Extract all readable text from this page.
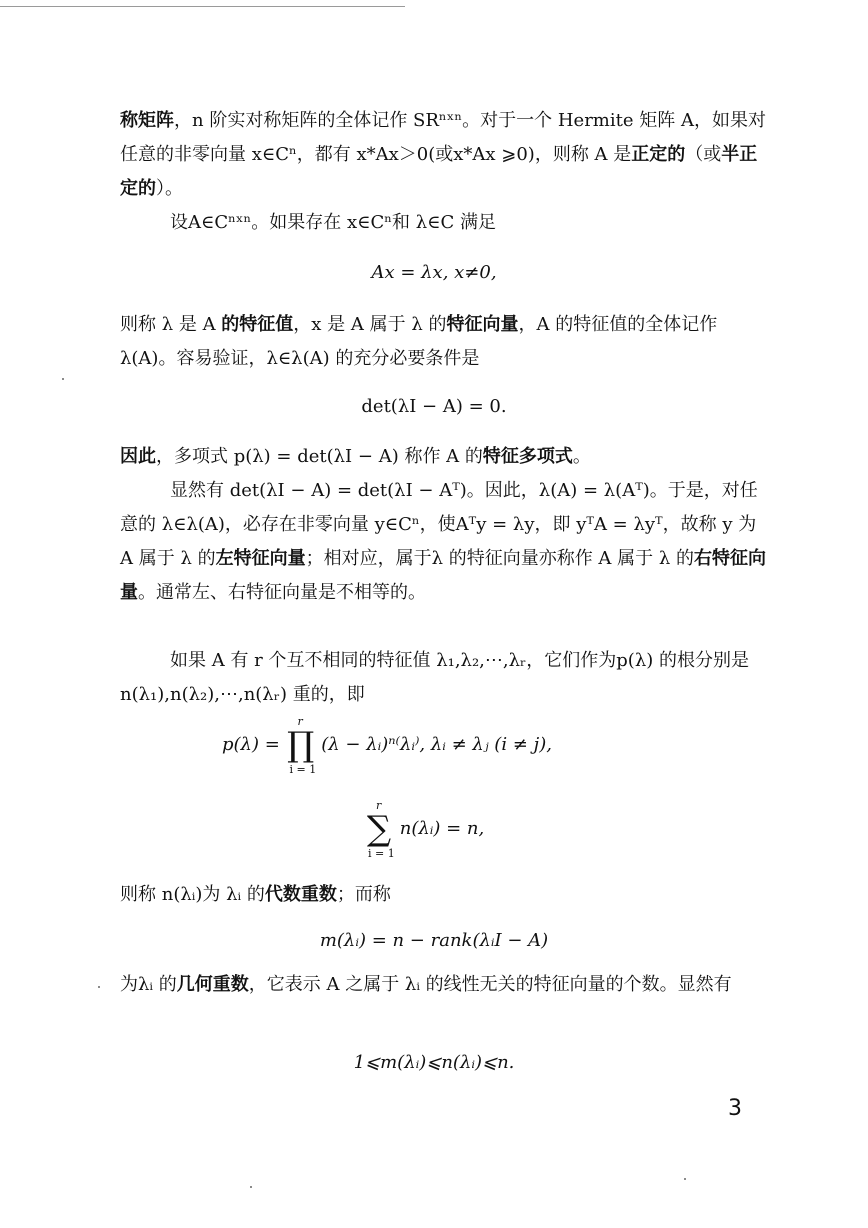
称矩阵，n 阶实对称矩阵的全体记作 SRⁿˣⁿ。对于一个 Hermite 矩阵 A，如果对任意的非零向量 x∈Cⁿ，都有 x*Ax＞0(或x*Ax ⩾0)，则称 A 是正定的（或半正定的）。
设A∈Cⁿˣⁿ。如果存在 x∈Cⁿ和 λ∈C 满足
Ax = λx, x≠0,
则称 λ 是 A 的特征值，x 是 A 属于 λ 的特征向量，A 的特征值的全体记作 λ(A)。容易验证，λ∈λ(A) 的充分必要条件是
det(λI − A) = 0.
因此，多项式 p(λ) = det(λI − A) 称作 A 的特征多项式。
显然有 det(λI − A) = det(λI − Aᵀ)。因此，λ(A) = λ(Aᵀ)。于是，对任意的 λ∈λ(A)，必存在非零向量 y∈Cⁿ，使Aᵀy = λy，即 yᵀA = λyᵀ，故称 y 为 A 属于 λ 的左特征向量；相对应，属于λ 的特征向量亦称作 A 属于 λ 的右特征向量。通常左、右特征向量是不相等的。
如果 A 有 r 个互不相同的特征值 λ₁,λ₂,⋯,λᵣ，它们作为p(λ) 的根分别是 n(λ₁),n(λ₂),⋯,n(λᵣ) 重的，即
p(λ) = ∏
r
i = 1
(λ − λᵢ)ⁿ⁽λᵢ⁾, λᵢ ≠ λⱼ (i ≠ j),
∑
r
i = 1
n(λᵢ) = n,
则称 n(λᵢ)为 λᵢ 的代数重数；而称
m(λᵢ) = n − rank(λᵢI − A)
为λᵢ 的几何重数，它表示 A 之属于 λᵢ 的线性无关的特征向量的个数。显然有
1⩽m(λᵢ)⩽n(λᵢ)⩽n.
3
